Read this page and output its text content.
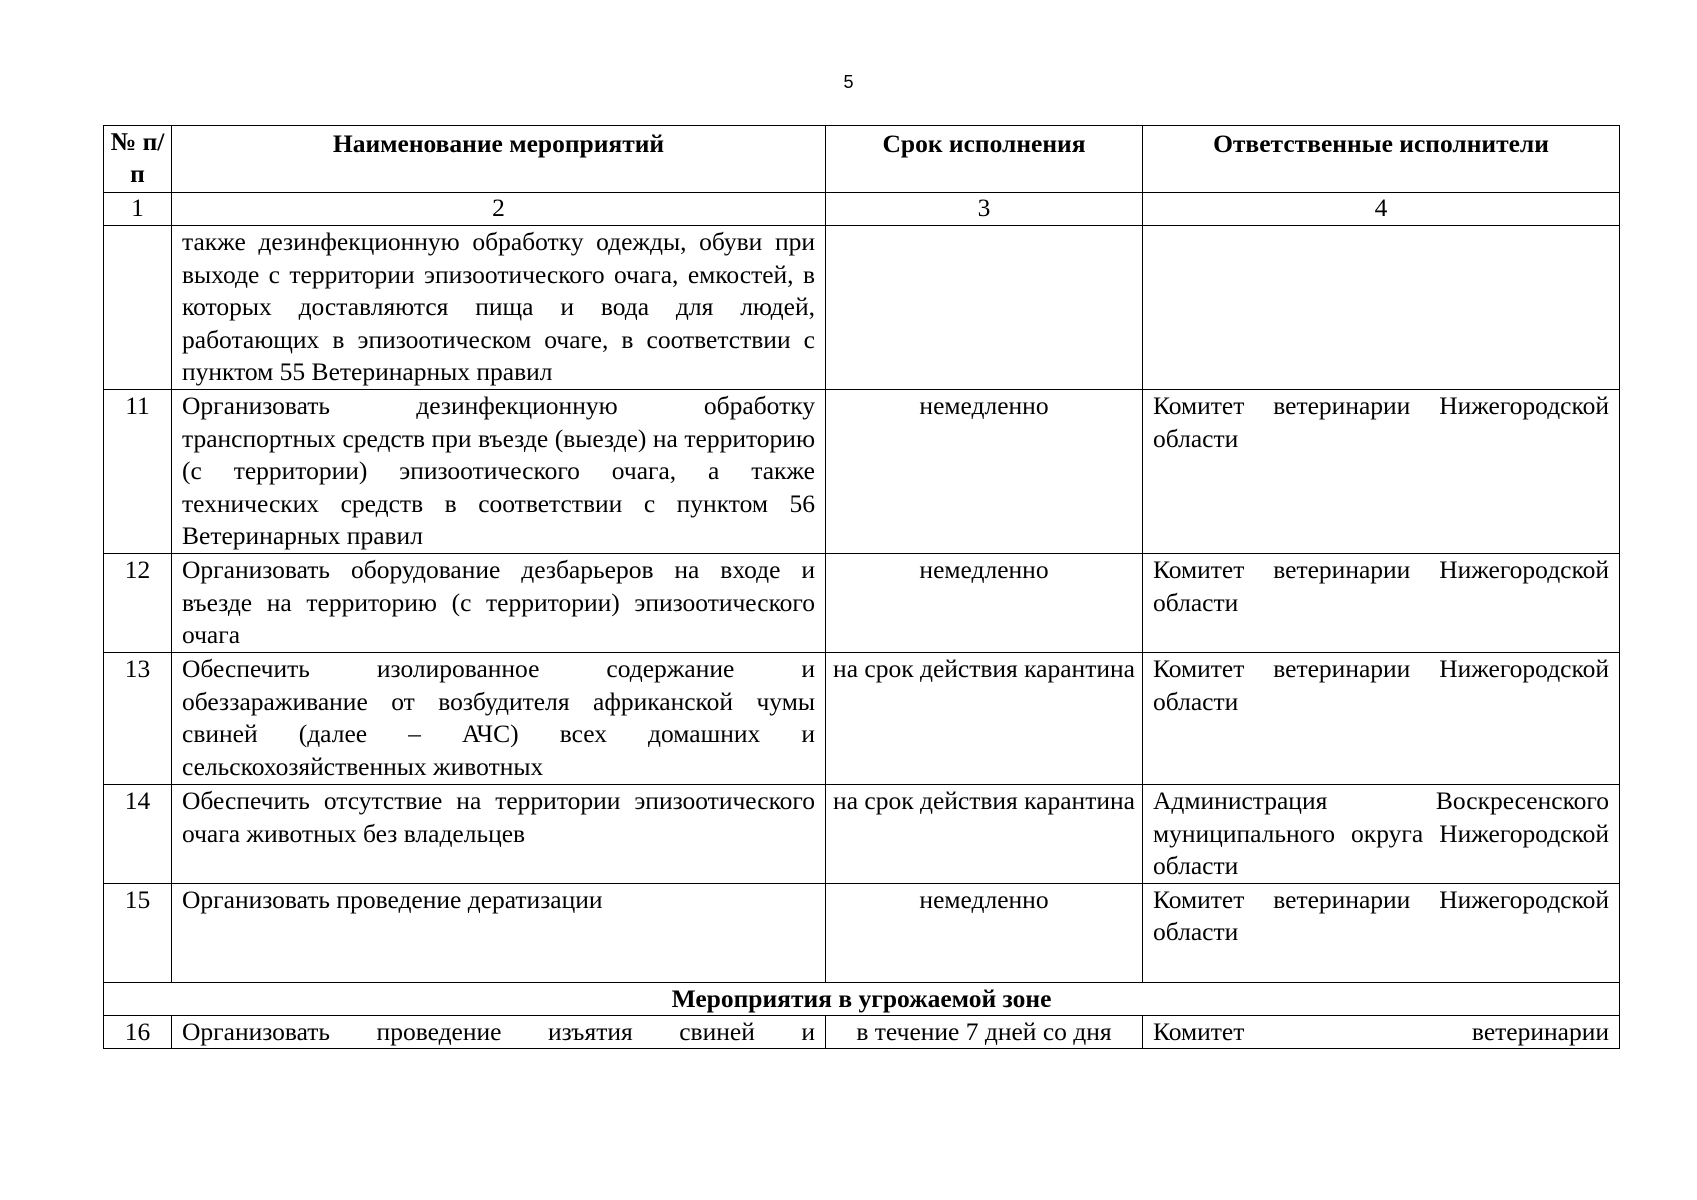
5
№ п/п	Наименование мероприятий	Срок исполнения	Ответственные исполнители
1	2	3	4
	также дезинфекционную обработку одежды, обуви при выходе с территории эпизоотического очага, емкостей, в которых доставляются пища и вода для людей, работающих в эпизоотическом очаге, в соответствии с пунктом 55 Ветеринарных правил		
11	Организовать дезинфекционную обработку транспортных средств при въезде (выезде) на территорию (с территории) эпизоотического очага, а также технических средств в соответствии с пунктом 56 Ветеринарных правил	немедленно	Комитет ветеринарии Нижегородской области
12	Организовать оборудование дезбарьеров на входе и въезде на территорию (с территории) эпизоотического очага	немедленно	Комитет ветеринарии Нижегородской области
13	Обеспечить изолированное содержание и обеззараживание от возбудителя африканской чумы свиней (далее – АЧС) всех домашних и сельскохозяйственных животных	на срок действия карантина	Комитет ветеринарии Нижегородской области
14	Обеспечить отсутствие на территории эпизоотического очага животных без владельцев	на срок действия карантина	Администрация Воскресенского муниципального округа Нижегородской области
15	Организовать проведение дератизации	немедленно	Комитет ветеринарии Нижегородской области
Мероприятия в угрожаемой зоне			
16	Организовать проведение изъятия свиней и	в течение 7 дней со дня	Комитет ветеринарии
